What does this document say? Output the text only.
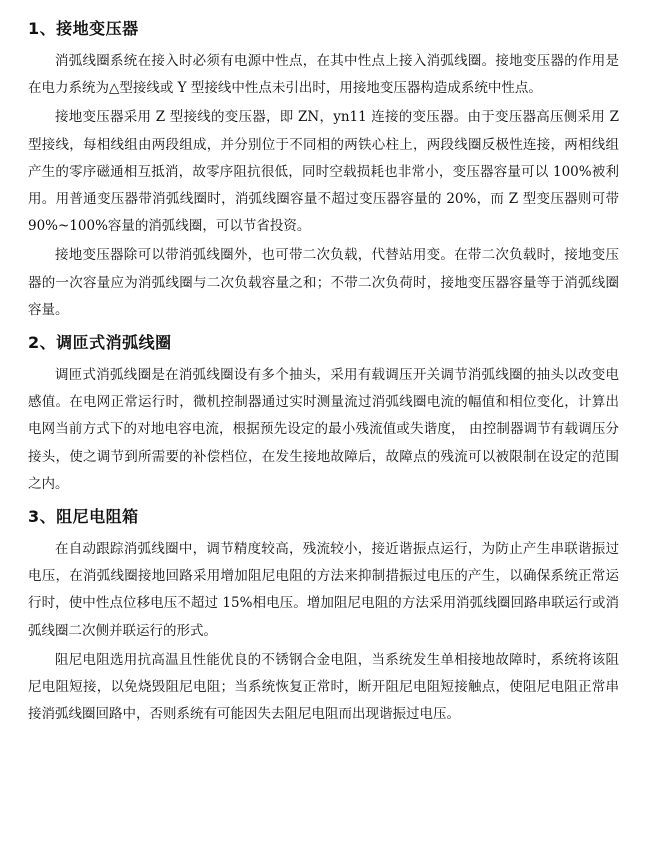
1、接地变压器

消弧线圈系统在接入时必须有电源中性点，在其中性点上接入消弧线圈。接地变压器的作用是在电力系统为△型接线或 Y 型接线中性点未引出时，用接地变压器构造成系统中性点。

接地变压器采用 Z 型接线的变压器，即 ZN，yn11 连接的变压器。由于变压器高压侧采用 Z 型接线，每相线组由两段组成，并分别位于不同相的两铁心柱上，两段线圈反极性连接，两相线组产生的零序磁通相互抵消，故零序阻抗很低，同时空载损耗也非常小，变压器容量可以 100%被利用。用普通变压器带消弧线圈时，消弧线圈容量不超过变压器容量的 20%，而 Z 型变压器则可带 90%~100%容量的消弧线圈，可以节省投资。

接地变压器除可以带消弧线圈外，也可带二次负载，代替站用变。在带二次负载时，接地变压器的一次容量应为消弧线圈与二次负载容量之和；不带二次负荷时，接地变压器容量等于消弧线圈容量。

2、调匝式消弧线圈

调匝式消弧线圈是在消弧线圈设有多个抽头，采用有载调压开关调节消弧线圈的抽头以改变电感值。在电网正常运行时，微机控制器通过实时测量流过消弧线圈电流的幅值和相位变化，计算出电网当前方式下的对地电容电流，根据预先设定的最小残流值或失谐度， 由控制器调节有载调压分接头，使之调节到所需要的补偿档位，在发生接地故障后，故障点的残流可以被限制在设定的范围之内。

3、阻尼电阻箱

在自动跟踪消弧线圈中，调节精度较高，残流较小，接近谐振点运行，为防止产生串联谐振过电压，在消弧线圈接地回路采用增加阻尼电阻的方法来抑制措振过电压的产生，以确保系统正常运行时，使中性点位移电压不超过 15%相电压。增加阻尼电阻的方法采用消弧线圈回路串联运行或消弧线圈二次侧并联运行的形式。

阻尼电阻选用抗高温且性能优良的不锈钢合金电阻，当系统发生单相接地故障时，系统将该阻尼电阻短接，以免烧毁阻尼电阻；当系统恢复正常时，断开阻尼电阻短接触点，使阻尼电阻正常串接消弧线圈回路中，否则系统有可能因失去阻尼电阻而出现谐振过电压。
